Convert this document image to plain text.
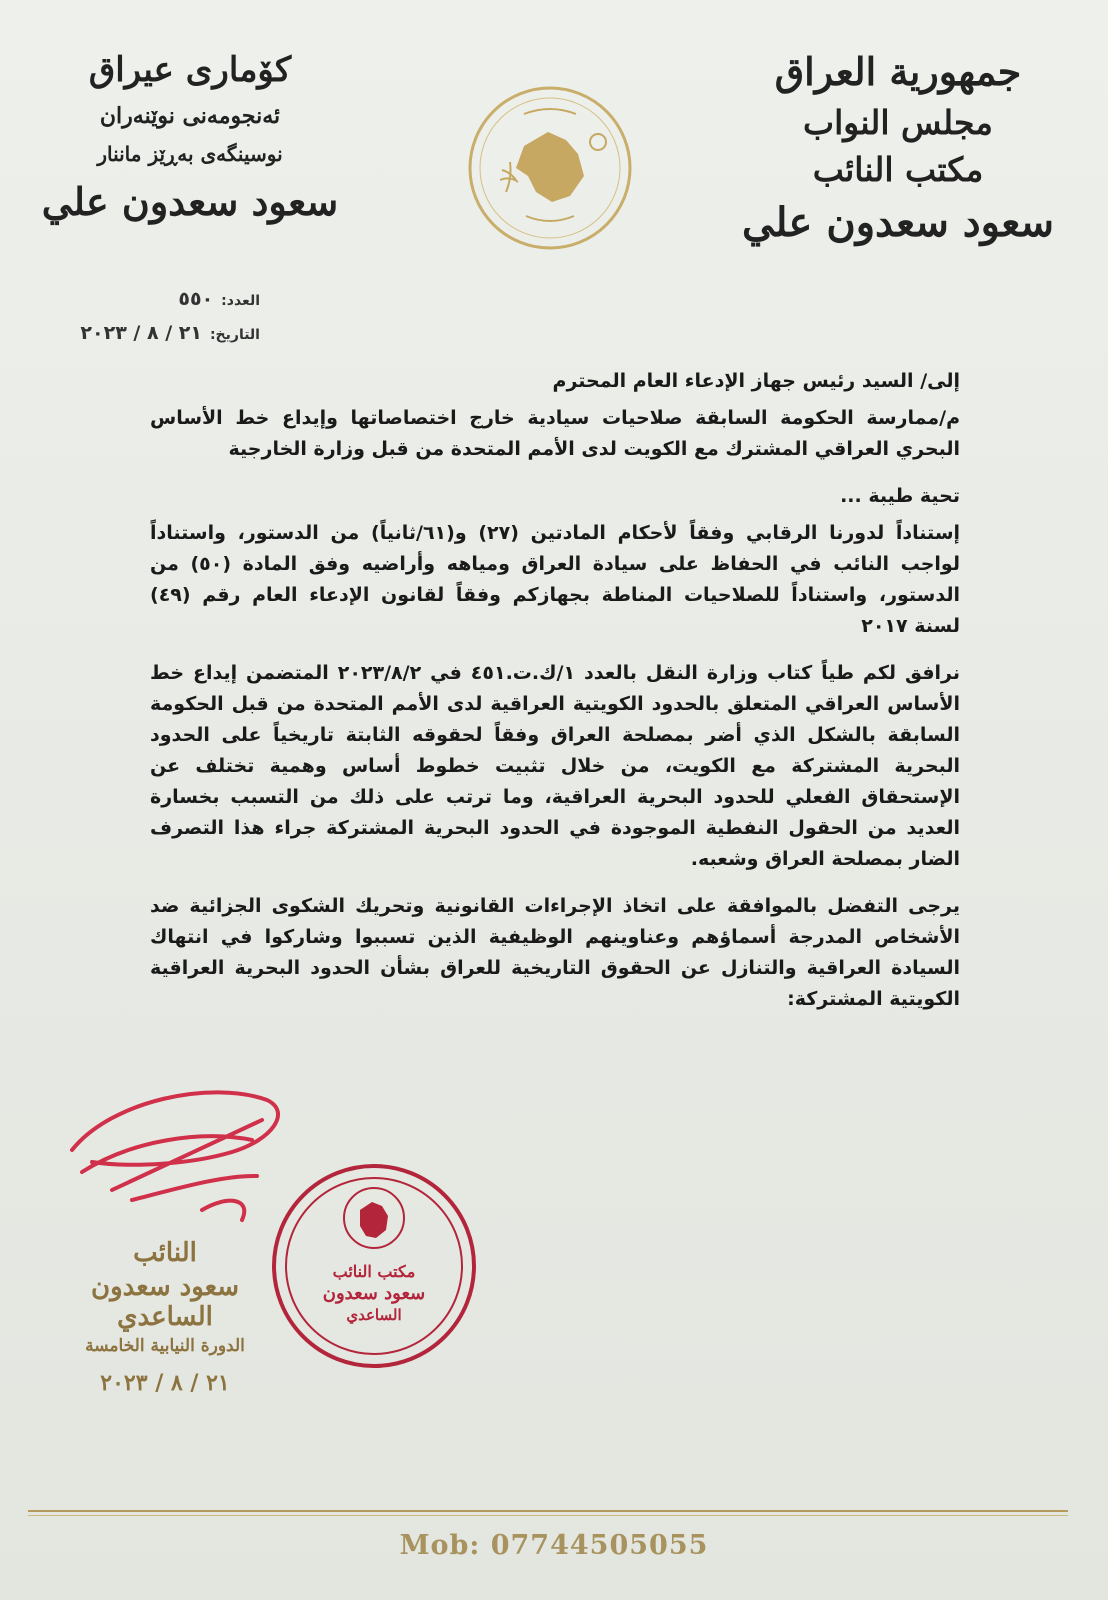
جمهورية العراق
مجلس النواب
مكتب النائب
سعود سعدون علي
كۆماری عیراق
ئەنجومەنی نوێنەران
نوسینگەی بەڕێز ماننار
سعود سعدون علي
العدد:
٥٥٠
التاريخ:
٢١ / ٨ / ٢٠٢٣

إلى/ السيد رئيس جهاز الإدعاء العام المحترم

م/ممارسة الحكومة السابقة صلاحيات سيادية خارج اختصاصاتها وإيداع خط الأساس البحري العراقي المشترك مع الكويت لدى الأمم المتحدة من قبل وزارة الخارجية

تحية طيبة ...

إستناداً لدورنا الرقابي وفقاً لأحكام المادتين (٢٧) و(٦١/ثانياً) من الدستور، واستناداً لواجب النائب في الحفاظ على سيادة العراق ومياهه وأراضيه وفق المادة (٥٠) من الدستور، واستناداً للصلاحيات المناطة بجهازكم وفقاً لقانون الإدعاء العام رقم (٤٩) لسنة ٢٠١٧

نرافق لكم طياً كتاب وزارة النقل بالعدد ١/ك.ت.٤٥١ في ٢٠٢٣/٨/٢ المتضمن إيداع خط الأساس العراقي المتعلق بالحدود الكويتية العراقية لدى الأمم المتحدة من قبل الحكومة السابقة بالشكل الذي أضر بمصلحة العراق وفقاً لحقوقه الثابتة تاريخياً على الحدود البحرية المشتركة مع الكويت، من خلال تثبيت خطوط أساس وهمية تختلف عن الإستحقاق الفعلي للحدود البحرية العراقية، وما ترتب على ذلك من التسبب بخسارة العديد من الحقول النفطية الموجودة في الحدود البحرية المشتركة جراء هذا التصرف الضار بمصلحة العراق وشعبه.

يرجى التفضل بالموافقة على اتخاذ الإجراءات القانونية وتحريك الشكوى الجزائية ضد الأشخاص المدرجة أسماؤهم وعناوينهم الوظيفية الذين تسببوا وشاركوا في انتهاك السيادة العراقية والتنازل عن الحقوق التاريخية للعراق بشأن الحدود البحرية العراقية الكويتية المشتركة:

النائب
سعود سعدون الساعدي
الدورة النيابية الخامسة
٢١ / ٨ / ٢٠٢٣
مكتب النائب
سعود سعدون
الساعدي
Mob: 07744505055
